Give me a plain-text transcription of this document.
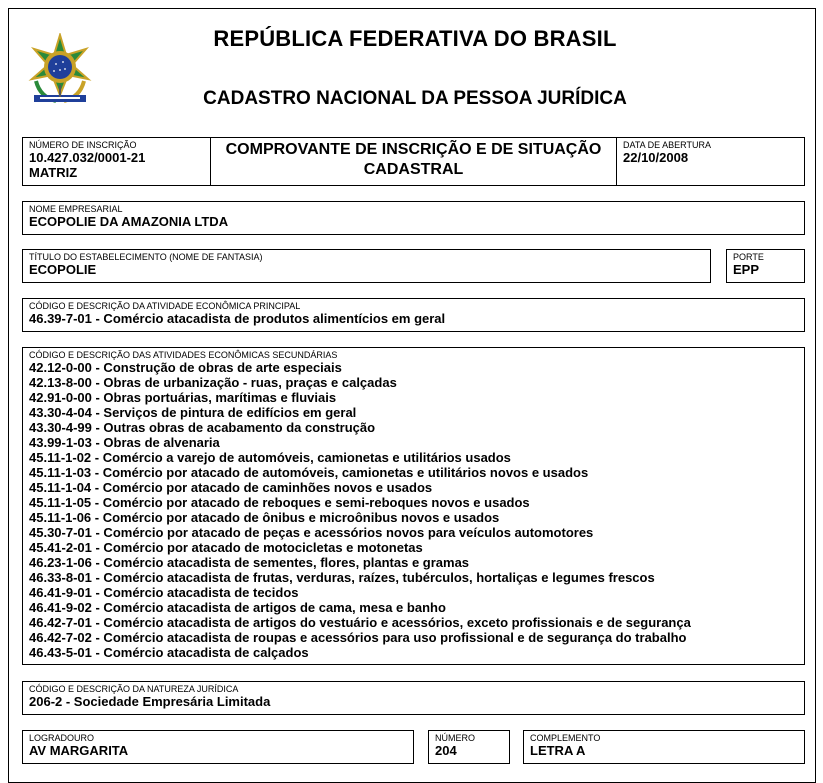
REPÚBLICA FEDERATIVA DO BRASIL
CADASTRO NACIONAL DA PESSOA JURÍDICA
NÚMERO DE INSCRIÇÃO
10.427.032/0001-21
MATRIZ
COMPROVANTE DE INSCRIÇÃO E DE SITUAÇÃO
CADASTRAL
DATA DE ABERTURA
22/10/2008
NOME EMPRESARIAL
ECOPOLIE DA AMAZONIA LTDA
TÍTULO DO ESTABELECIMENTO (NOME DE FANTASIA)
ECOPOLIE
PORTE
EPP
CÓDIGO E DESCRIÇÃO DA ATIVIDADE ECONÔMICA PRINCIPAL
46.39-7-01 - Comércio atacadista de produtos alimentícios em geral
CÓDIGO E DESCRIÇÃO DAS ATIVIDADES ECONÔMICAS SECUNDÁRIAS
42.12-0-00 - Construção de obras de arte especiais
42.13-8-00 - Obras de urbanização - ruas, praças e calçadas
42.91-0-00 - Obras portuárias, marítimas e fluviais
43.30-4-04 - Serviços de pintura de edifícios em geral
43.30-4-99 - Outras obras de acabamento da construção
43.99-1-03 - Obras de alvenaria
45.11-1-02 - Comércio a varejo de automóveis, camionetas e utilitários usados
45.11-1-03 - Comércio por atacado de automóveis, camionetas e utilitários novos e usados
45.11-1-04 - Comércio por atacado de caminhões novos e usados
45.11-1-05 - Comércio por atacado de reboques e semi-reboques novos e usados
45.11-1-06 - Comércio por atacado de ônibus e microônibus novos e usados
45.30-7-01 - Comércio por atacado de peças e acessórios novos para veículos automotores
45.41-2-01 - Comércio por atacado de motocicletas e motonetas
46.23-1-06 - Comércio atacadista de sementes, flores, plantas e gramas
46.33-8-01 - Comércio atacadista de frutas, verduras, raízes, tubérculos, hortaliças e legumes frescos
46.41-9-01 - Comércio atacadista de tecidos
46.41-9-02 - Comércio atacadista de artigos de cama, mesa e banho
46.42-7-01 - Comércio atacadista de artigos do vestuário e acessórios, exceto profissionais e de segurança
46.42-7-02 - Comércio atacadista de roupas e acessórios para uso profissional e de segurança do trabalho
46.43-5-01 - Comércio atacadista de calçados
CÓDIGO E DESCRIÇÃO DA NATUREZA JURÍDICA
206-2 - Sociedade Empresária Limitada
LOGRADOURO
AV MARGARITA
NÚMERO
204
COMPLEMENTO
LETRA A
